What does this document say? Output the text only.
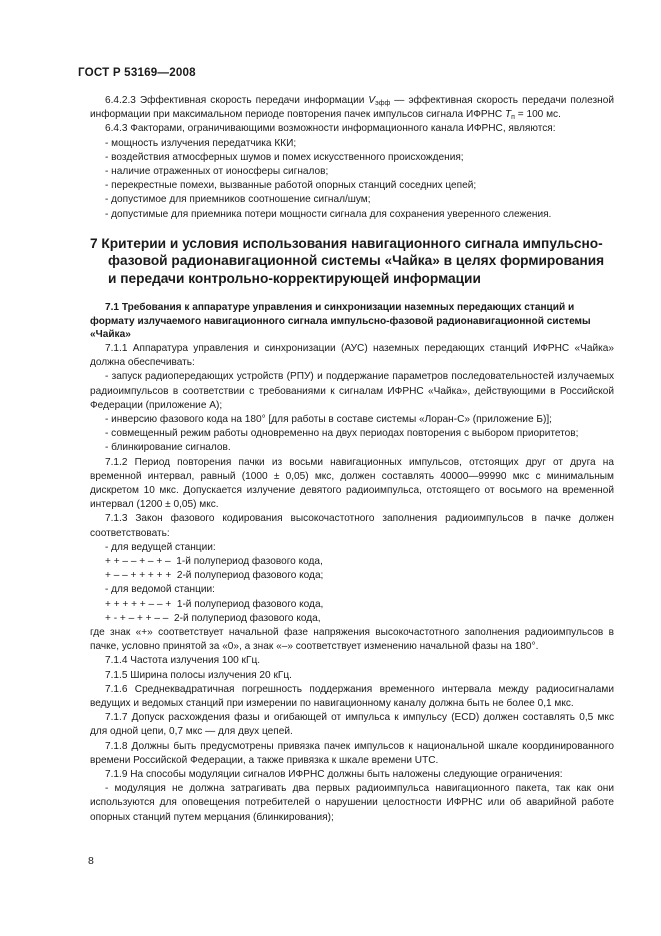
ГОСТ Р 53169—2008
6.4.2.3 Эффективная скорость передачи информации $V_{эфф}$ — эффективная скорость передачи полезной информации при максимальном периоде повторения пачек импульсов сигнала ИФРНС $T_п = 100$ мс.
6.4.3 Факторами, ограничивающими возможности информационного канала ИФРНС, являются:
- мощность излучения передатчика ККИ;
- воздействия атмосферных шумов и помех искусственного происхождения;
- наличие отраженных от ионосферы сигналов;
- перекрестные помехи, вызванные работой опорных станций соседних цепей;
- допустимое для приемников соотношение сигнал/шум;
- допустимые для приемника потери мощности сигнала для сохранения уверенного слежения.
7 Критерии и условия использования навигационного сигнала импульсно-фазовой радионавигационной системы «Чайка» в целях формирования и передачи контрольно-корректирующей информации
7.1 Требования к аппаратуре управления и синхронизации наземных передающих станций и формату излучаемого навигационного сигнала импульсно-фазовой радионавигационной системы «Чайка»
7.1.1 Аппаратура управления и синхронизации (АУС) наземных передающих станций ИФРНС «Чайка» должна обеспечивать:
- запуск радиопередающих устройств (РПУ) и поддержание параметров последовательностей излучаемых радиоимпульсов в соответствии с требованиями к сигналам ИФРНС «Чайка», действующими в Российской Федерации (приложение А);
- инверсию фазового кода на 180° [для работы в составе системы «Лоран-С» (приложение Б)];
- совмещенный режим работы одновременно на двух периодах повторения с выбором приоритетов;
- блинкирование сигналов.
7.1.2 Период повторения пачки из восьми навигационных импульсов, отстоящих друг от друга на временной интервал, равный (1000 ± 0,05) мкс, должен составлять 40000—99990 мкс с минимальным дискретом 10 мкс. Допускается излучение девятого радиоимпульса, отстоящего от восьмого на временной интервал (1200 ± 0,05) мкс.
7.1.3 Закон фазового кодирования высокочастотного заполнения радиоимпульсов в пачке должен соответствовать:
- для ведущей станции:
+ + – – + – + –  1-й полупериод фазового кода,
+ – – + + + + +  2-й полупериод фазового кода;
- для ведомой станции:
+ + + + + – – +  1-й полупериод фазового кода,
+ - + – + + – –  2-й полупериод фазового кода,
где знак «+» соответствует начальной фазе напряжения высокочастотного заполнения радиоимпульсов в пачке, условно принятой за «0», а знак «–» соответствует изменению начальной фазы на 180°.
7.1.4 Частота излучения 100 кГц.
7.1.5 Ширина полосы излучения 20 кГц.
7.1.6 Среднеквадратичная погрешность поддержания временного интервала между радиосигналами ведущих и ведомых станций при измерении по навигационному каналу должна быть не более 0,1 мкс.
7.1.7 Допуск расхождения фазы и огибающей от импульса к импульсу (ECD) должен составлять 0,5 мкс для одной цепи, 0,7 мкс — для двух цепей.
7.1.8 Должны быть предусмотрены привязка пачек импульсов к национальной шкале координированного времени Российской Федерации, а также привязка к шкале времени UTC.
7.1.9 На способы модуляции сигналов ИФРНС должны быть наложены следующие ограничения:
- модуляция не должна затрагивать два первых радиоимпульса навигационного пакета, так как они используются для оповещения потребителей о нарушении целостности ИФРНС или об аварийной работе опорных станций путем мерцания (блинкирования);
8
